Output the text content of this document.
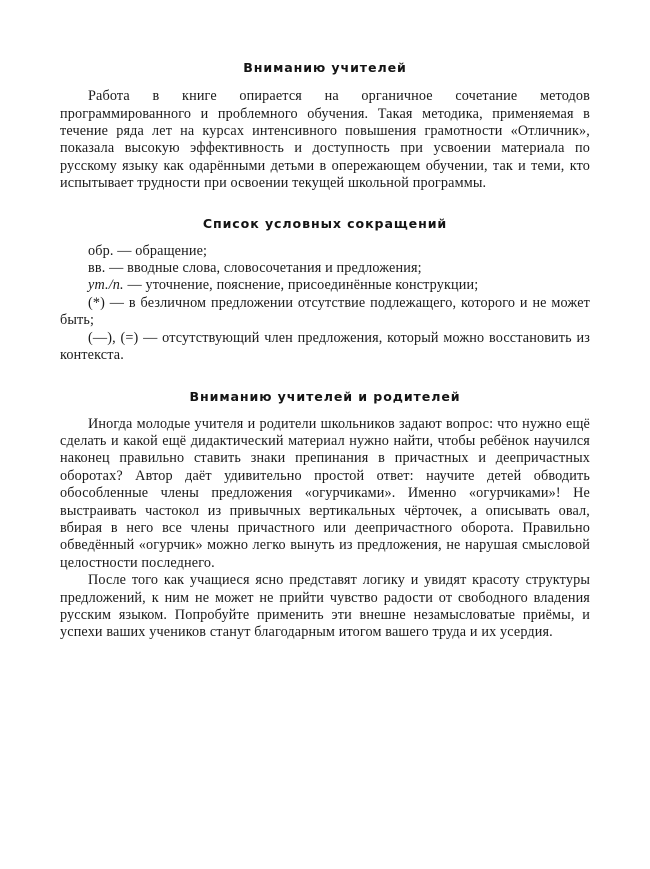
Вниманию учителей

Работа в книге опирается на органичное сочетание методов программированного и проблемного обучения. Такая методика, применяемая в течение ряда лет на курсах интенсивного повышения грамотности «Отличник», показала высокую эффективность и доступность при усвоении материала по русскому языку как одарёнными детьми в опережающем обучении, так и теми, кто испытывает трудности при освоении текущей школьной программы.

Список условных сокращений

обр. — обращение;

вв. — вводные слова, словосочетания и предложения;

ут./п. — уточнение, пояснение, присоединённые конструкции;

(*) — в безличном предложении отсутствие подлежащего, которого и не может быть;

(—), (=) — отсутствующий член предложения, который можно восстановить из контекста.

Вниманию учителей и родителей

Иногда молодые учителя и родители школьников задают вопрос: что нужно ещё сделать и какой ещё дидактический материал нужно найти, чтобы ребёнок научился наконец правильно ставить знаки препинания в причастных и деепричастных оборотах? Автор даёт удивительно простой ответ: научите детей обводить обособленные члены предложения «огурчиками». Именно «огурчиками»! Не выстраивать частокол из привычных вертикальных чёрточек, а описывать овал, вбирая в него все члены причастного или деепричастного оборота. Правильно обведённый «огурчик» можно легко вынуть из предложения, не нарушая смысловой целостности последнего.

После того как учащиеся ясно представят логику и увидят красоту структуры предложений, к ним не может не прийти чувство радости от свободного владения русским языком. Попробуйте применить эти внешне незамысловатые приёмы, и успехи ваших учеников станут благодарным итогом вашего труда и их усердия.
